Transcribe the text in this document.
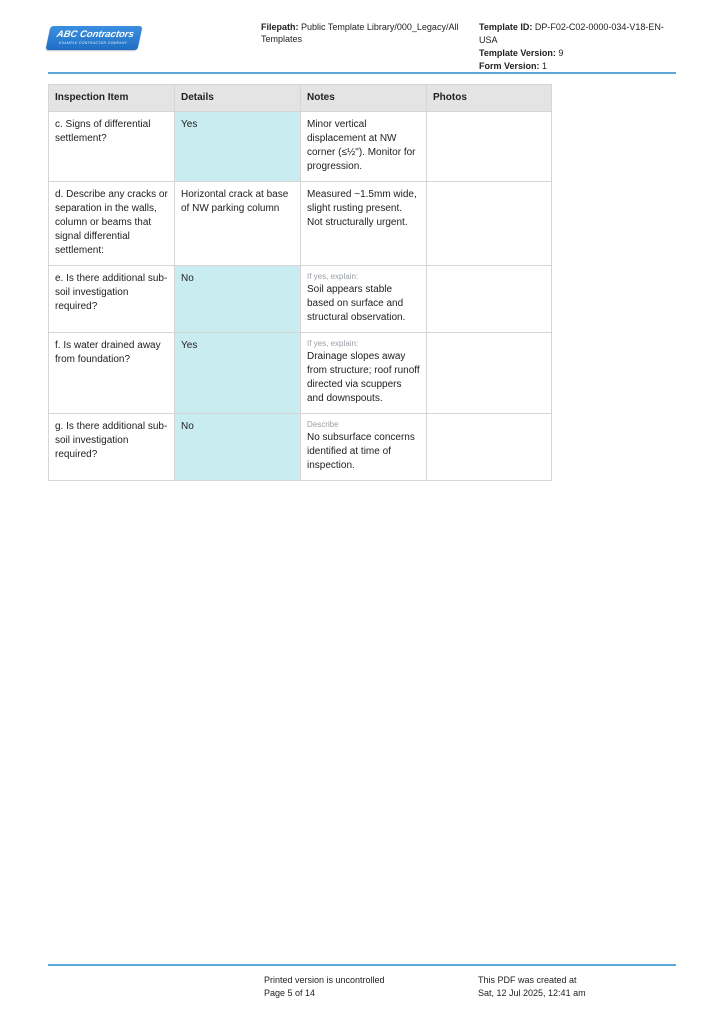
ABC Contractors
EXAMPLE CONTRACTOR COMPANY
Filepath: Public Template Library/000_Legacy/All Templates
Template ID: DP-F02-C02-0000-034-V18-EN-USA
Template Version: 9
Form Version: 1
Inspection Item	Details	Notes	Photos
c. Signs of differential settlement?	Yes	Minor vertical displacement at NW corner (≤½"). Monitor for progression.	
d. Describe any cracks or separation in the walls, column or beams that signal differential settlement:	Horizontal crack at base of NW parking column	Measured ~1.5mm wide, slight rusting present. Not structurally urgent.	
e. Is there additional sub-soil investigation required?	No	If yes, explain:
Soil appears stable based on surface and structural observation.	
f. Is water drained away from foundation?	Yes	If yes, explain:
Drainage slopes away from structure; roof runoff directed via scuppers and downspouts.	
g. Is there additional sub-soil investigation required?	No	Describe
No subsurface concerns identified at time of inspection.	
Printed version is uncontrolled
Page 5 of 14
This PDF was created at
Sat, 12 Jul 2025, 12:41 am
